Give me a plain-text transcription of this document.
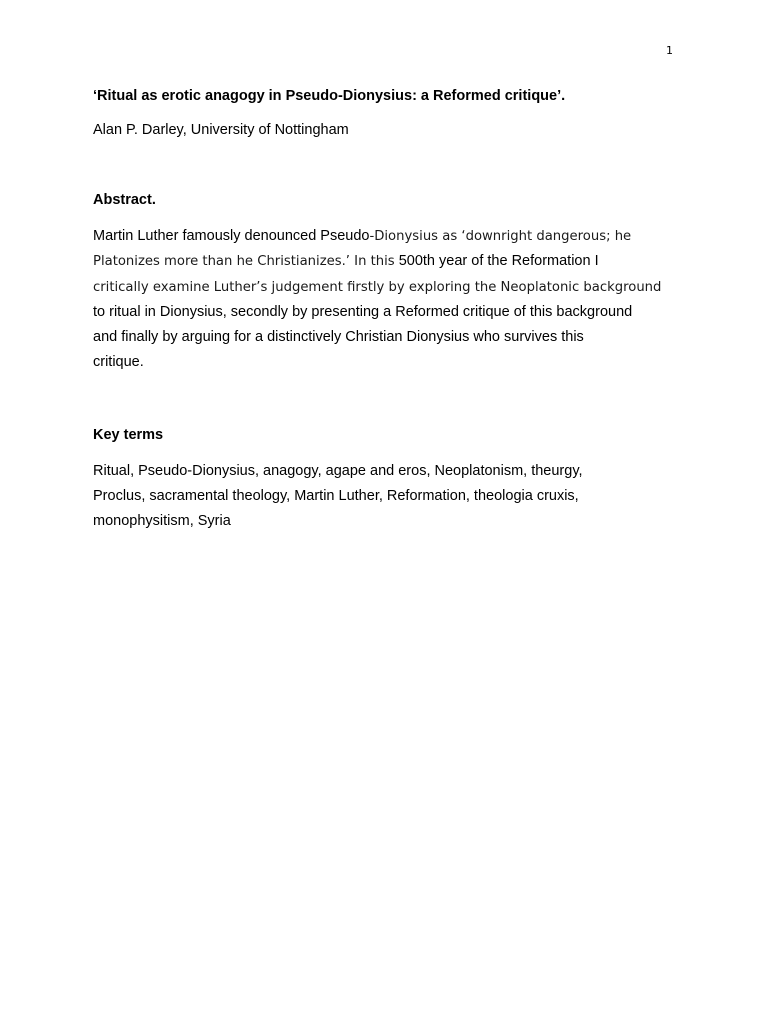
1

‘Ritual as erotic anagogy in Pseudo-Dionysius: a Reformed critique’.

Alan P. Darley, University of Nottingham

Abstract.

Martin Luther famously denounced Pseudo-Dionysius as ‘downright dangerous; he
Platonizes more than he Christianizes.’ In this 500th year of the Reformation I
critically examine Luther’s judgement firstly by exploring the Neoplatonic background
to ritual in Dionysius, secondly by presenting a Reformed critique of this background
and finally by arguing for a distinctively Christian Dionysius who survives this
critique.

Key terms

Ritual, Pseudo-Dionysius, anagogy, agape and eros, Neoplatonism, theurgy,
Proclus, sacramental theology, Martin Luther, Reformation, theologia cruxis,
monophysitism, Syria
